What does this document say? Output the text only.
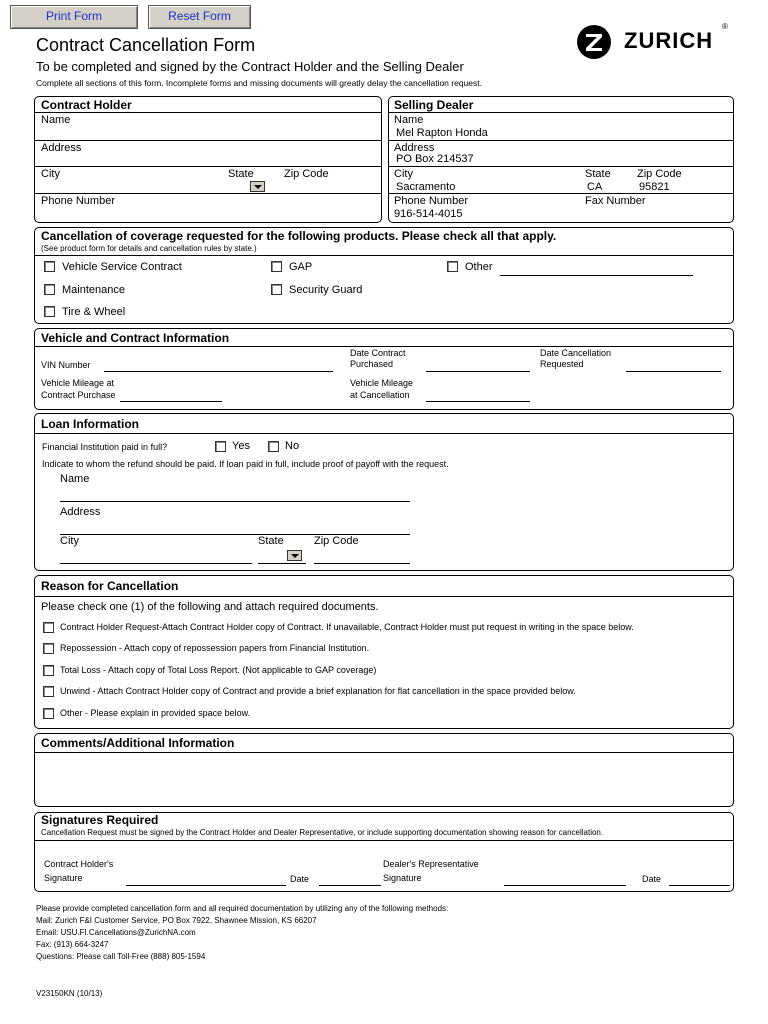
Print Form	Reset Form
Contract Cancellation Form
To be completed and signed by the Contract Holder and the Selling Dealer
Complete all sections of this form. Incomplete forms and missing documents will greatly delay the cancellation request.
ZURICH
®
Contract Holder
Name
Address
City	State	Zip Code
Phone Number
Selling Dealer
Name
Mel Rapton Honda
Address
PO Box 214537
City
Sacramento
State
CA
Zip Code
95821
Phone Number
916-514-4015
Fax Number
Cancellation of coverage requested for the following products. Please check all that apply.
(See product form for details and cancellation rules by state.)
Vehicle Service Contract	GAP	Other
Maintenance	Security Guard
Tire & Wheel
Vehicle and Contract Information
VIN Number
Date Contract
Purchased
Date Cancellation
Requested
Vehicle Mileage at
Contract Purchase
Vehicle Mileage
at Cancellation
Loan Information
Financial Institution paid in full?	Yes	No
Indicate to whom the refund should be paid. If loan paid in full, include proof of payoff with the request.
Name
Address
City	State	Zip Code
Reason for Cancellation
Please check one (1) of the following and attach required documents.
Contract Holder Request-Attach Contract Holder copy of Contract. If unavailable, Contract Holder must put request in writing in the space below.
Repossession - Attach copy of repossession papers from Financial Institution.
Total Loss - Attach copy of Total Loss Report. (Not applicable to GAP coverage)
Unwind - Attach Contract Holder copy of Contract and provide a brief explanation for flat cancellation in the space provided below.
Other - Please explain in provided space below.
Comments/Additional Information
Signatures Required
Cancellation Request must be signed by the Contract Holder and Dealer Representative, or include supporting documentation showing reason for cancellation.
Contract Holder's
Signature	Date
Dealer's Representative
Signature	Date
Please provide completed cancellation form and all required documentation by utilizing any of the following methods:
Mail: Zurich F&I Customer Service, PO Box 7922, Shawnee Mission, KS 66207
Email: USU.FI.Cancellations@ZurichNA.com
Fax: (913) 664-3247
Questions: Please call Toll-Free (888) 805-1594
V23150KN (10/13)
